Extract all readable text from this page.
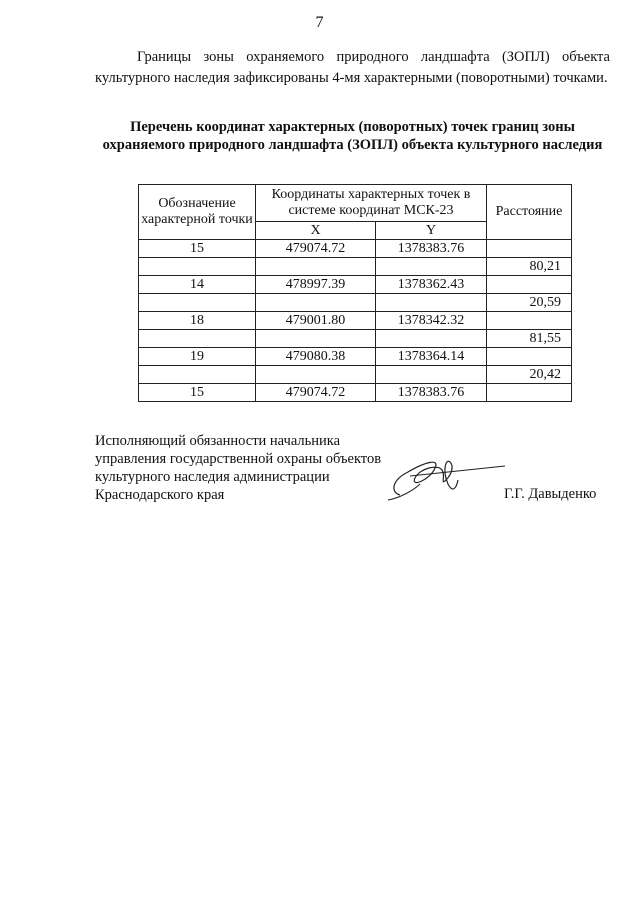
7
Границы зоны охраняемого природного ландшафта (ЗОПЛ) объекта культурного наследия зафиксированы 4-мя характерными (поворотными) точками.
Перечень координат характерных (поворотных) точек границ зоны охраняемого природного ландшафта (ЗОПЛ) объекта культурного наследия
Обозначение характерной точки	Координаты характерных точек в системе координат МСК-23		Расстояние
	X	Y	
15	479074.72	1378383.76	
			80,21
14	478997.39	1378362.43	
			20,59
18	479001.80	1378342.32	
			81,55
19	479080.38	1378364.14	
			20,42
15	479074.72	1378383.76	
Исполняющий обязанности начальника
управления государственной охраны объектов
культурного наследия администрации
Краснодарского края	Г.Г. Давыденко
